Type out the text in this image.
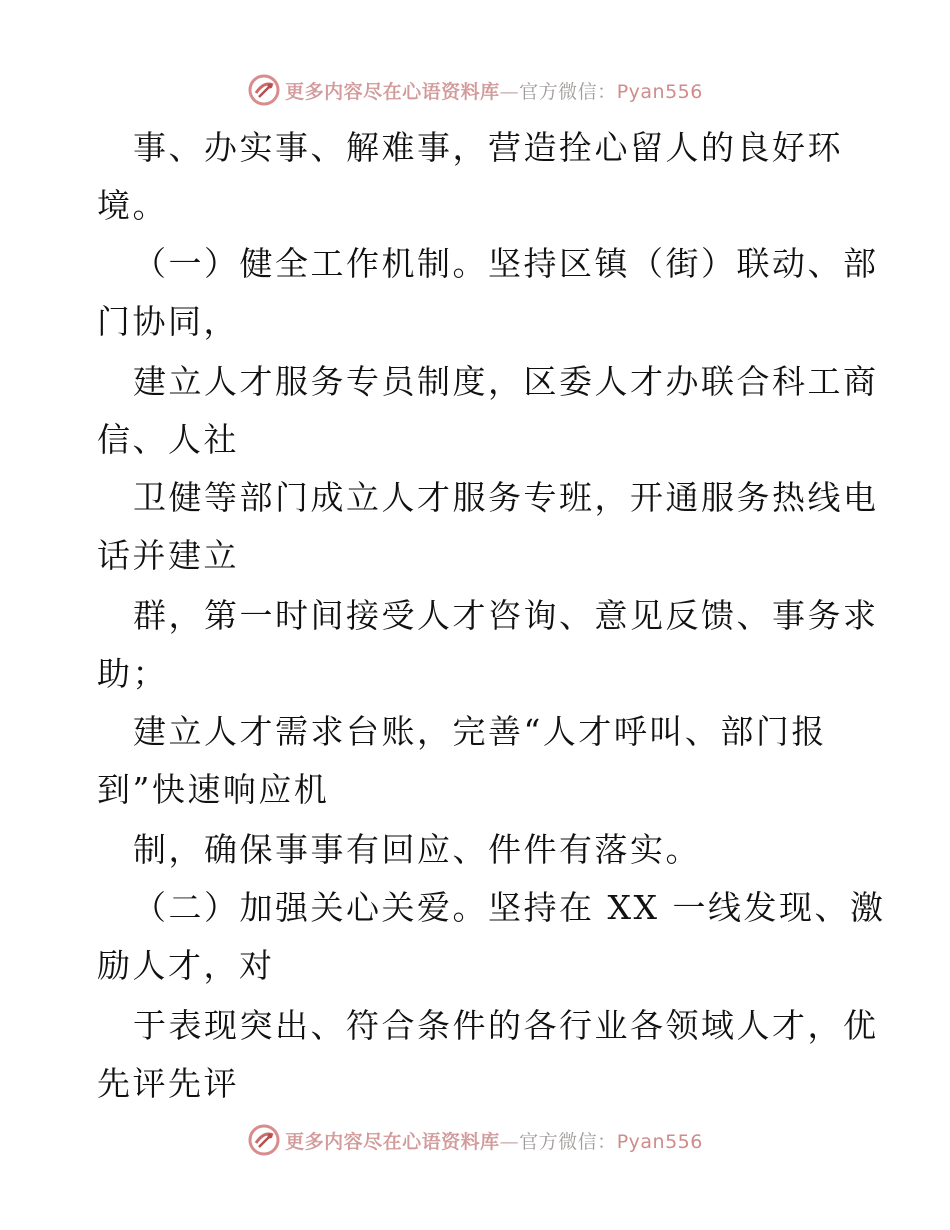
更多内容尽在心语资料库—官方微信：Pyan556
事、办实事、解难事，营造拴心留人的良好环
境。
（一）健全工作机制。坚持区镇（街）联动、部
门协同，
建立人才服务专员制度，区委人才办联合科工商
信、人社
卫健等部门成立人才服务专班，开通服务热线电
话并建立
群，第一时间接受人才咨询、意见反馈、事务求
助；
建立人才需求台账，完善“人才呼叫、部门报
到”快速响应机
制，确保事事有回应、件件有落实。
（二）加强关心关爱。坚持在 XX 一线发现、激
励人才，对
于表现突出、符合条件的各行业各领域人才，优
先评先评
更多内容尽在心语资料库—官方微信：Pyan556
